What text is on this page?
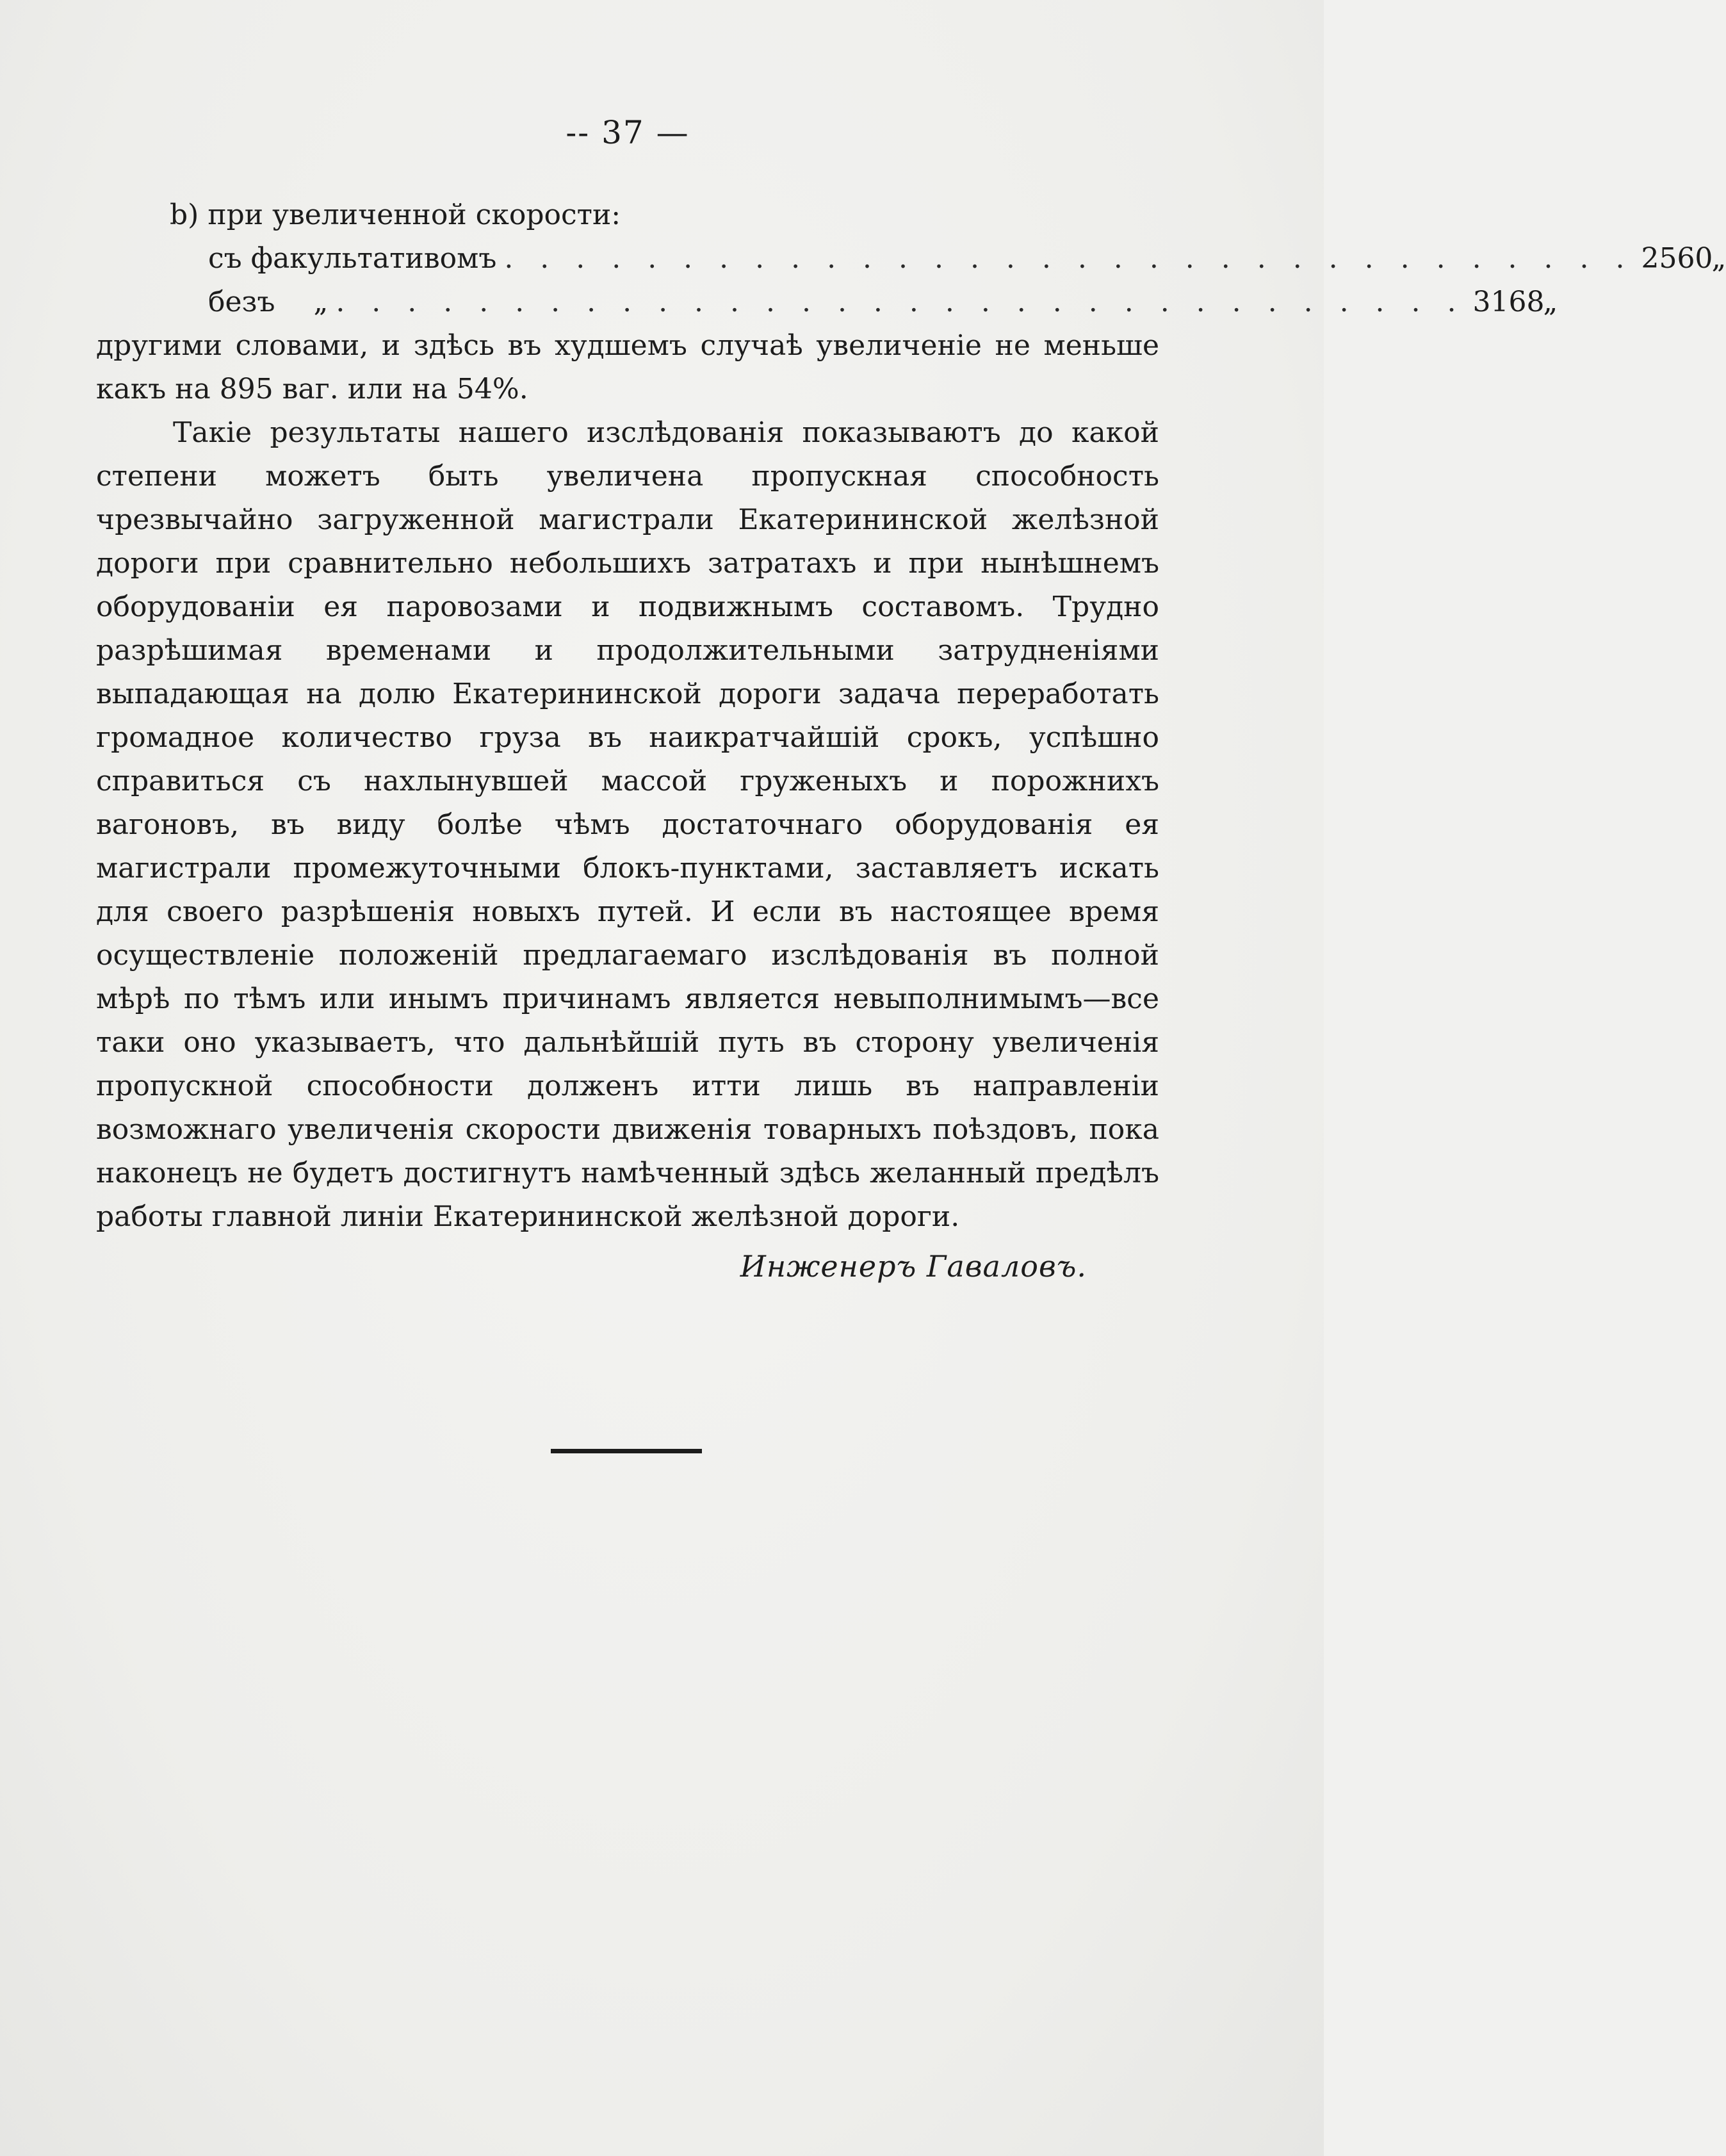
-- 37 —
b) при увеличенной скорости:
съ факультативомъ . . . . . . . . . . . . . . . . . . . . . . . . . . . . . . . . 2560
„
безъ „ . . . . . . . . . . . . . . . . . . . . . . . . . . . . . . . . 3168
„
другими словами, и здѣсь въ худшемъ случаѣ увеличеніе не меньше какъ на 895 ваг. или на 54%.
Такіе результаты нашего изслѣдованія показываютъ до какой степени можетъ быть увеличена пропускная способность чрезвычайно загруженной магистрали Екатерининской желѣзной дороги при сравнительно небольшихъ затратахъ и при нынѣшнемъ оборудованіи ея паровозами и подвижнымъ составомъ. Трудно разрѣшимая временами и продолжительными затрудненіями выпадающая на долю Екатерининской дороги задача переработать громадное количество груза въ наикратчайшій срокъ, успѣшно справиться съ нахлынувшей массой груженыхъ и порожнихъ вагоновъ, въ виду болѣе чѣмъ достаточнаго оборудованія ея магистрали промежуточными блокъ-пунктами, заставляетъ искать для своего разрѣшенія новыхъ путей. И если въ настоящее время осуществленіе положеній предлагаемаго изслѣдованія въ полной мѣрѣ по тѣмъ или инымъ причинамъ является невыполнимымъ—все таки оно указываетъ, что дальнѣйшій путь въ сторону увеличенія пропускной способности долженъ итти лишь въ направленіи возможнаго увеличенія скорости движенія товарныхъ поѣздовъ, пока наконецъ не будетъ достигнутъ намѣченный здѣсь желанный предѣлъ работы главной линіи Екатерининской желѣзной дороги.
Инженеръ Гаваловъ.
